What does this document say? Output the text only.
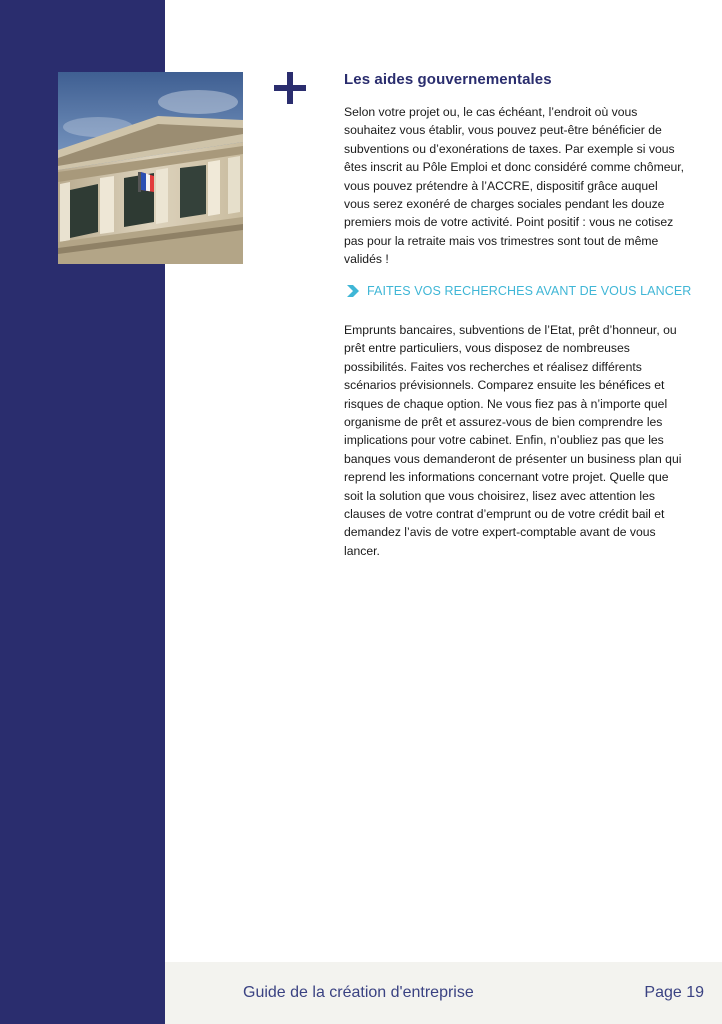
Les aides gouvernementales

Selon votre projet ou, le cas échéant, l’endroit où vous souhaitez vous établir, vous pouvez peut-être bénéficier de subventions ou d’exonérations de taxes. Par exemple si vous êtes inscrit au Pôle Emploi et donc considéré comme chômeur, vous pouvez prétendre à l’ACCRE, dispositif grâce auquel vous serez exonéré de charges sociales pendant les douze premiers mois de votre activité. Point positif : vous ne cotisez pas pour la retraite mais vos trimestres sont tout de même validés !

FAITES VOS RECHERCHES AVANT DE VOUS LANCER

Emprunts bancaires, subventions de l’Etat, prêt d’honneur, ou prêt entre particuliers, vous disposez de nombreuses possibilités. Faites vos recherches et réalisez différents scénarios prévisionnels. Comparez ensuite les bénéfices et risques de chaque option. Ne vous fiez pas à n’importe quel organisme de prêt et assurez-vous de bien comprendre les implications pour votre cabinet. Enfin, n’oubliez pas que les banques vous demanderont de présenter un business plan qui reprend les informations concernant votre projet. Quelle que soit la solution que vous choisirez, lisez avec attention les clauses de votre contrat d’emprunt ou de votre crédit bail et demandez l’avis de votre expert-comptable avant de vous lancer.

Guide de la création d'entreprise	Page 19
